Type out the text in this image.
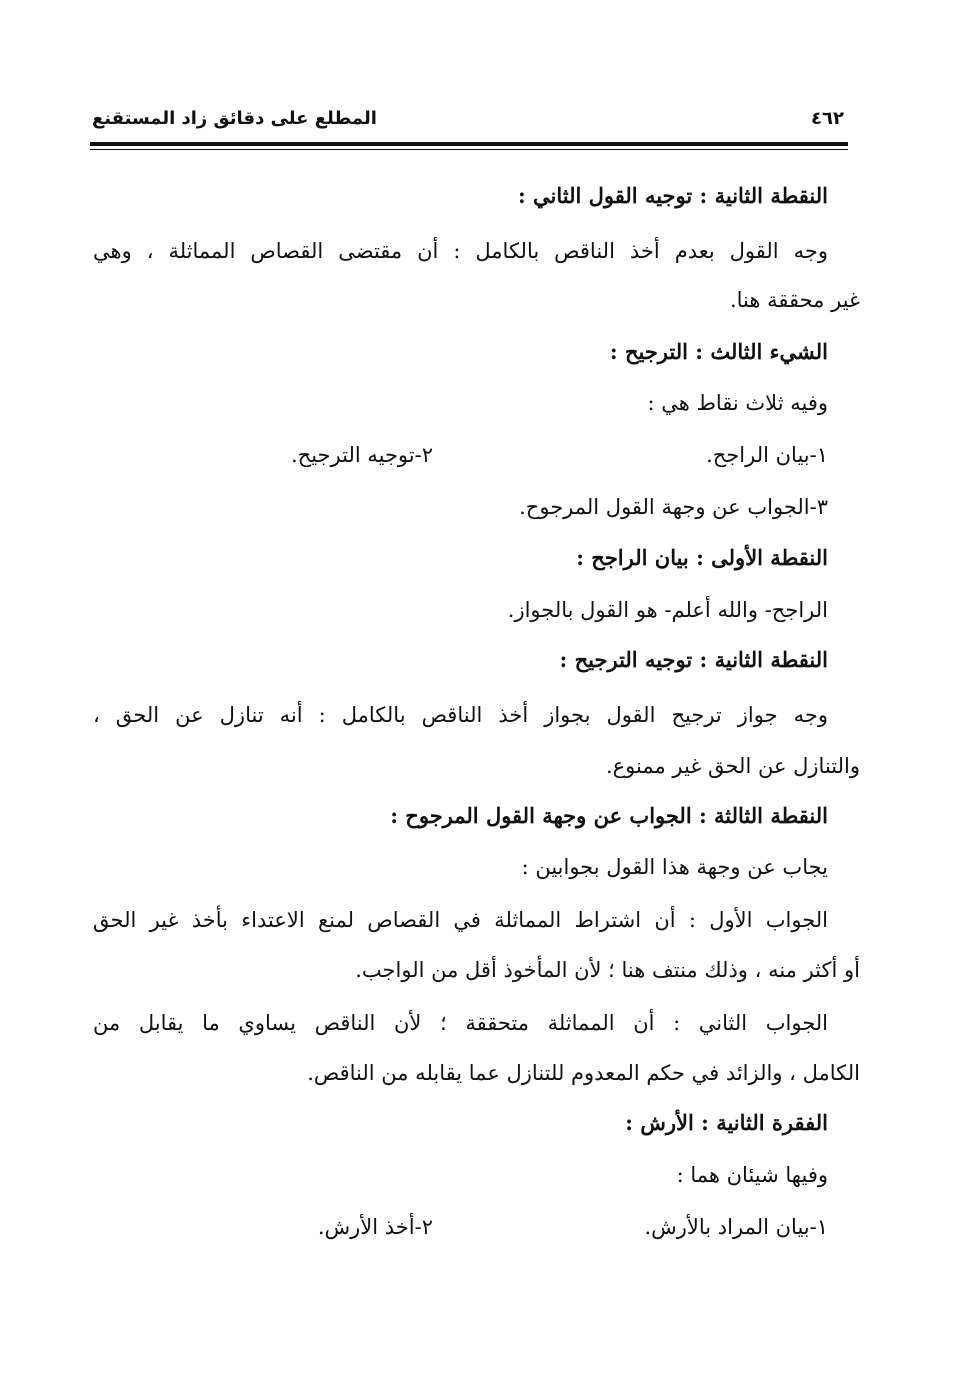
٤٦٢
المطلع على دقائق زاد المستقنع
النقطة الثانية : توجيه القول الثاني :
وجه القول بعدم أخذ الناقص بالكامل : أن مقتضى القصاص المماثلة ، وهي
غير محققة هنا.
الشيء الثالث : الترجيح :
وفيه ثلاث نقاط هي :
١-بيان الراجح.
٢-توجيه الترجيح.
٣-الجواب عن وجهة القول المرجوح.
النقطة الأولى : بيان الراجح :
الراجح- والله أعلم- هو القول بالجواز.
النقطة الثانية : توجيه الترجيح :
وجه جواز ترجيح القول بجواز أخذ الناقص بالكامل : أنه تنازل عن الحق ،
والتنازل عن الحق غير ممنوع.
النقطة الثالثة : الجواب عن وجهة القول المرجوح :
يجاب عن وجهة هذا القول بجوابين :
الجواب الأول : أن اشتراط المماثلة في القصاص لمنع الاعتداء بأخذ غير الحق
أو أكثر منه ، وذلك منتف هنا ؛ لأن المأخوذ أقل من الواجب.
الجواب الثاني : أن المماثلة متحققة ؛ لأن الناقص يساوي ما يقابل من
الكامل ، والزائد في حكم المعدوم للتنازل عما يقابله من الناقص.
الفقرة الثانية : الأرش :
وفيها شيئان هما :
١-بيان المراد بالأرش.
٢-أخذ الأرش.
